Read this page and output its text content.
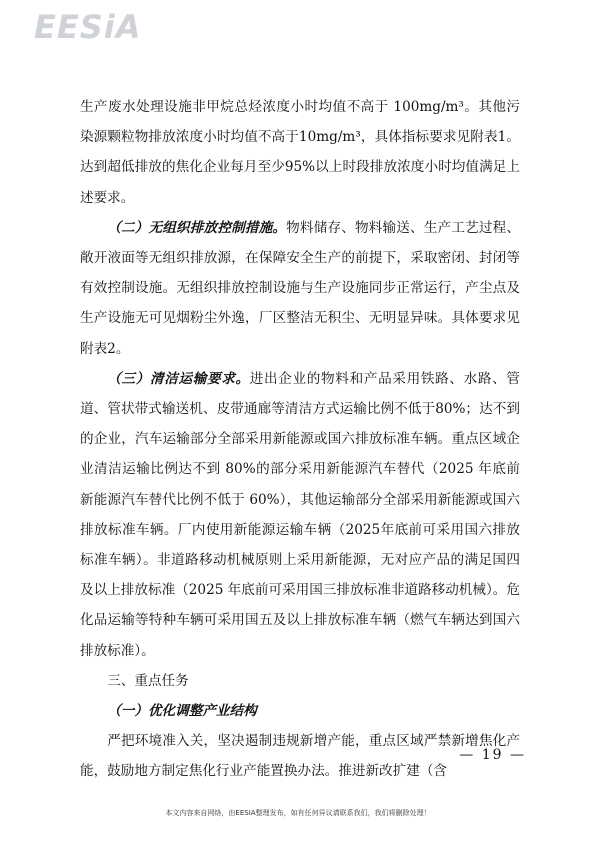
EESiA

生产废水处理设施非甲烷总烃浓度小时均值不高于 100mg/m³。其他污染源颗粒物排放浓度小时均值不高于10mg/m³，具体指标要求见附表1。达到超低排放的焦化企业每月至少95%以上时段排放浓度小时均值满足上述要求。

（二）无组织排放控制措施。物料储存、物料输送、生产工艺过程、敞开液面等无组织排放源，在保障安全生产的前提下，采取密闭、封闭等有效控制设施。无组织排放控制设施与生产设施同步正常运行，产尘点及生产设施无可见烟粉尘外逸，厂区整洁无积尘、无明显异味。具体要求见附表2。

（三）清洁运输要求。进出企业的物料和产品采用铁路、水路、管道、管状带式输送机、皮带通廊等清洁方式运输比例不低于80%；达不到的企业，汽车运输部分全部采用新能源或国六排放标准车辆。重点区域企业清洁运输比例达不到 80%的部分采用新能源汽车替代（2025 年底前新能源汽车替代比例不低于 60%），其他运输部分全部采用新能源或国六排放标准车辆。厂内使用新能源运输车辆（2025年底前可采用国六排放标准车辆）。非道路移动机械原则上采用新能源，无对应产品的满足国四及以上排放标准（2025 年底前可采用国三排放标准非道路移动机械）。危化品运输等特种车辆可采用国五及以上排放标准车辆（燃气车辆达到国六排放标准）。

三、重点任务

（一）优化调整产业结构

严把环境准入关，坚决遏制违规新增产能，重点区域严禁新增焦化产能，鼓励地方制定焦化行业产能置换办法。推进新改扩建（含

— 19 —
本文内容来自网络，由EESIA整理发布，如有任何异议请联系我们，我们将删除处理！
